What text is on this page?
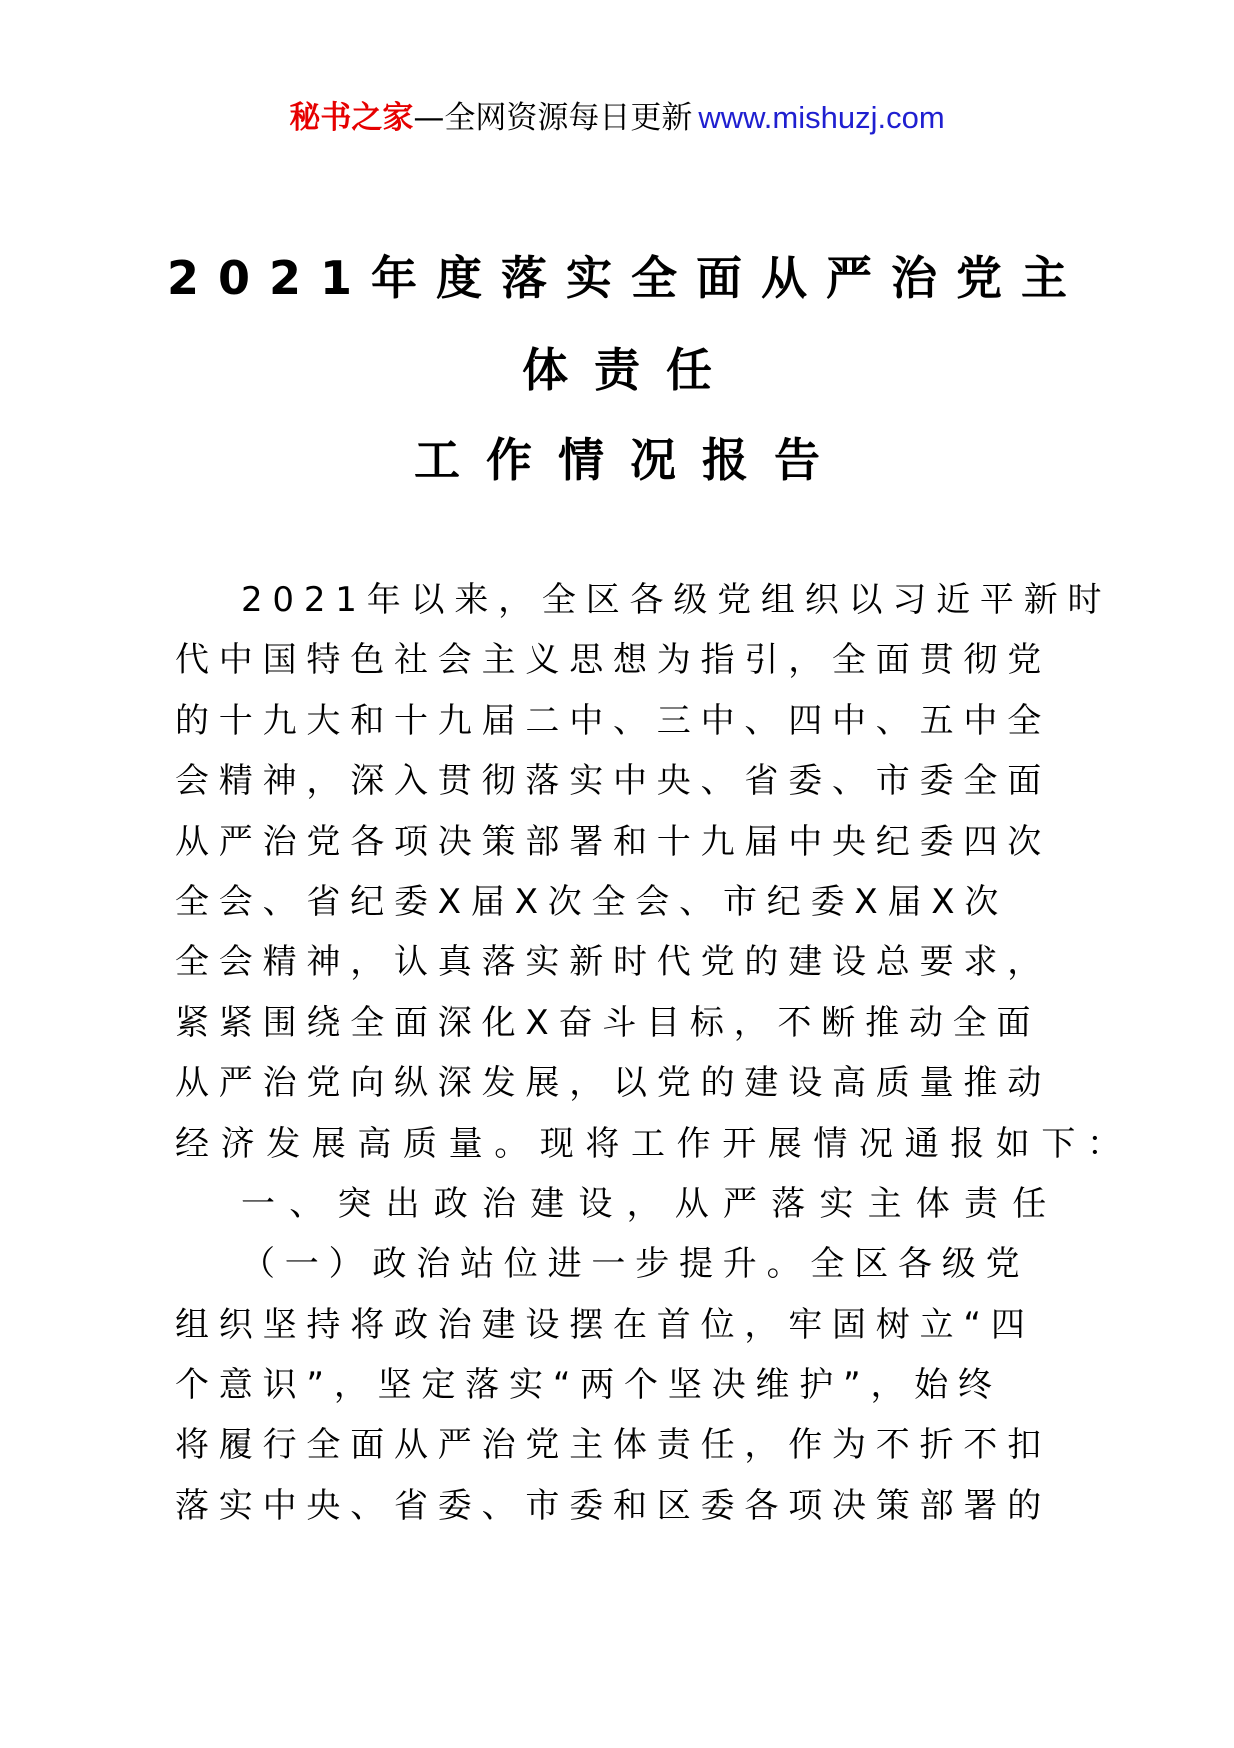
秘书之家—全网资源每日更新 www.mishuzj.com
2021年度落实全面从严治党主
体责任
工作情况报告
2021年以来，全区各级党组织以习近平新时
代中国特色社会主义思想为指引，全面贯彻党
的十九大和十九届二中、三中、四中、五中全
会精神，深入贯彻落实中央、省委、市委全面
从严治党各项决策部署和十九届中央纪委四次
全会、省纪委X届X次全会、市纪委X届X次
全会精神，认真落实新时代党的建设总要求，
紧紧围绕全面深化X奋斗目标，不断推动全面
从严治党向纵深发展，以党的建设高质量推动
经济发展高质量。现将工作开展情况通报如下：
一、突出政治建设，从严落实主体责任
（一）政治站位进一步提升。全区各级党
组织坚持将政治建设摆在首位，牢固树立“四
个意识”，坚定落实“两个坚决维护”，始终
将履行全面从严治党主体责任，作为不折不扣
落实中央、省委、市委和区委各项决策部署的
